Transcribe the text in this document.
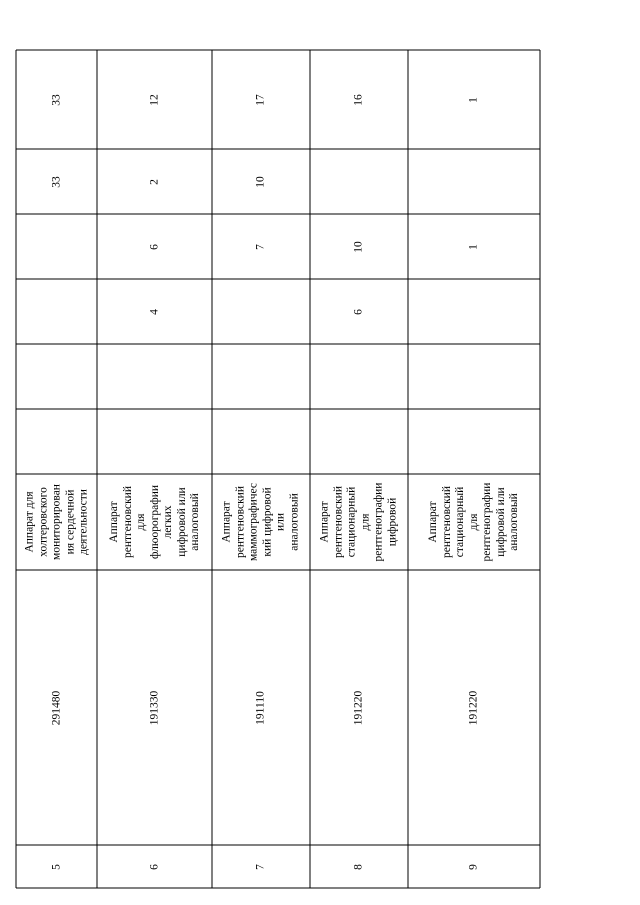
5
291480
Аппарат для холтеровского мониторирован ия сердечной деятельности
33
33
6
191330
Аппарат рентгеновский для флюорографии легких цифровой или аналоговый
4
6
2
12
7
191110
Аппарат рентгеновский маммографичес кий цифровой или аналоговый
7
10
17
8
191220
Аппарат рентгеновский стационарный для рентгенографии цифровой
6
10
16
9
191220
Аппарат рентгеновский стационарный для рентгенографии цифровой или аналоговый
1
1
